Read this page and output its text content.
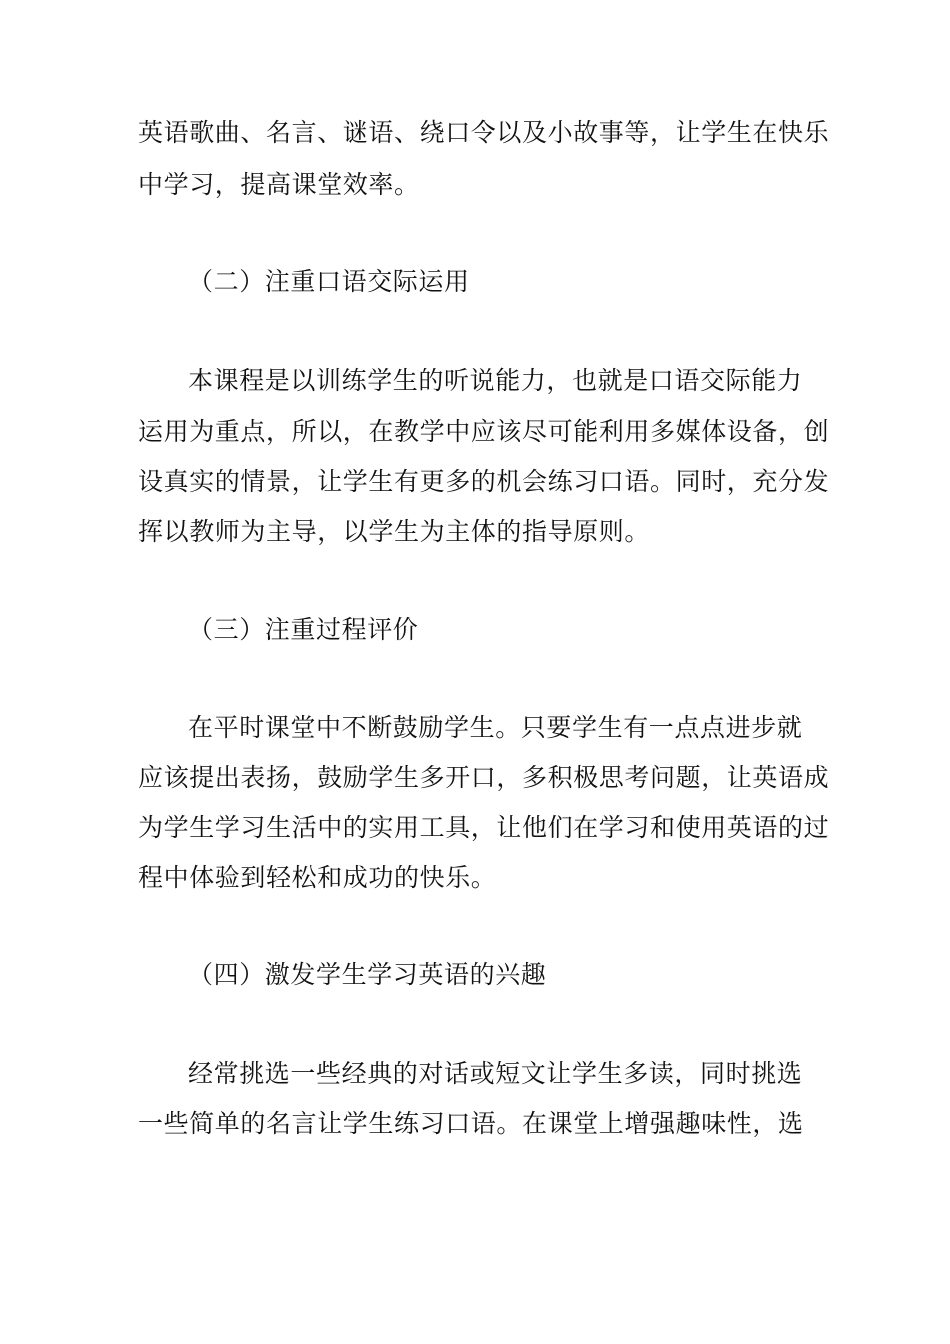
英语歌曲、名言、谜语、绕口令以及小故事等，让学生在快乐
中学习，提高课堂效率。
（二）注重口语交际运用
本课程是以训练学生的听说能力，也就是口语交际能力
运用为重点，所以，在教学中应该尽可能利用多媒体设备，创
设真实的情景，让学生有更多的机会练习口语。同时，充分发
挥以教师为主导，以学生为主体的指导原则。
（三）注重过程评价
在平时课堂中不断鼓励学生。只要学生有一点点进步就
应该提出表扬，鼓励学生多开口，多积极思考问题，让英语成
为学生学习生活中的实用工具，让他们在学习和使用英语的过
程中体验到轻松和成功的快乐。
（四）激发学生学习英语的兴趣
经常挑选一些经典的对话或短文让学生多读，同时挑选
一些简单的名言让学生练习口语。在课堂上增强趣味性，选
